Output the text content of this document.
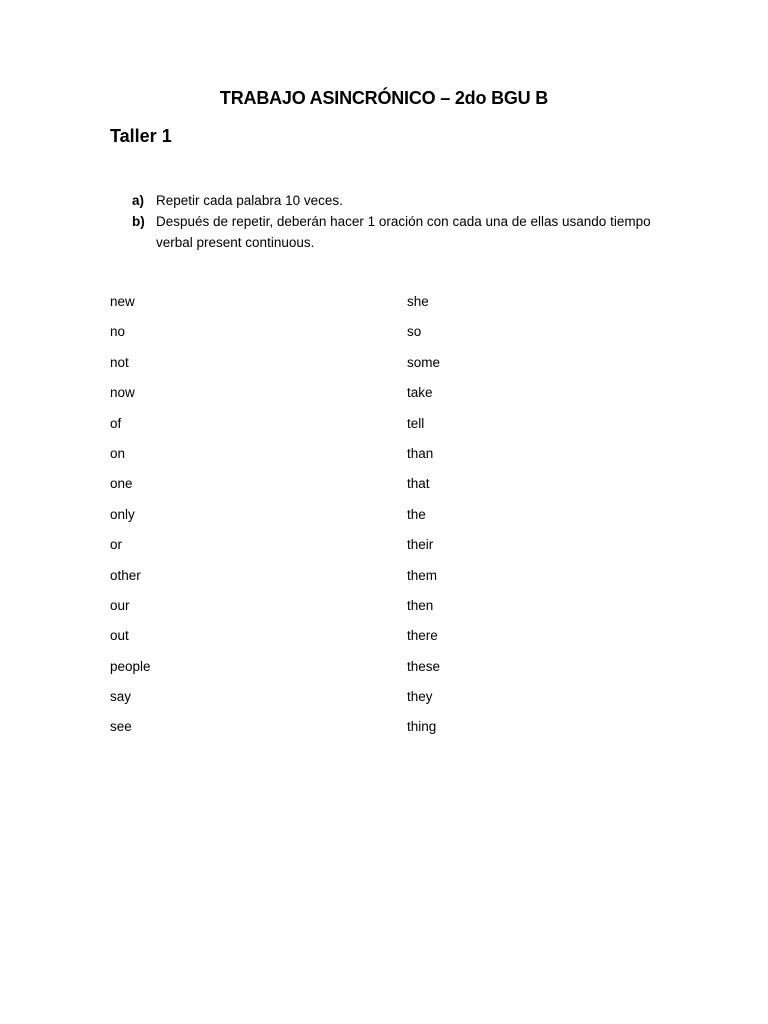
TRABAJO ASINCRÓNICO – 2do BGU B
Taller 1
a) Repetir cada palabra 10 veces.
b) Después de repetir, deberán hacer 1 oración con cada una de ellas usando tiempo verbal present continuous.
new
no
not
now
of
on
one
only
or
other
our
out
people
say
see
she
so
some
take
tell
than
that
the
their
them
then
there
these
they
thing
